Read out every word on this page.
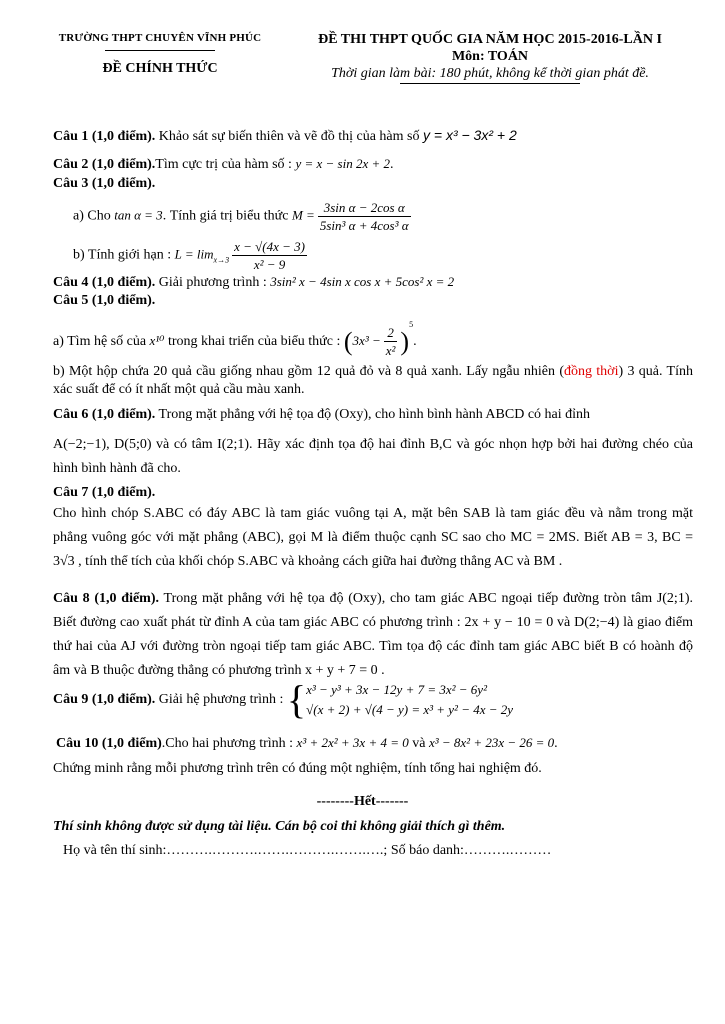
TRƯỜNG THPT CHUYÊN VĨNH PHÚC
ĐỀ CHÍNH THỨC
ĐỀ THI THPT QUỐC GIA NĂM HỌC 2015-2016-LẦN I
Môn: TOÁN
Thời gian làm bài: 180 phút, không kể thời gian phát đề.
Câu 1 (1,0 điểm). Khảo sát sự biến thiên và vẽ đồ thị của hàm số y = x³ − 3x² + 2
Câu 2 (1,0 điểm).Tìm cực trị của hàm số : y = x − sin 2x + 2.
Câu 3 (1,0 điểm).
a) Cho tan α = 3. Tính giá trị biểu thức $M = \frac{\text{3sin α − 2cos α}}{\text{5sin³ α + 4cos³ α}}$
b) Tính giới hạn : $L = \lim_{x\to 3} \frac{x - √(4x - 3)}{\text{x² − 9}}$
Câu 4 (1,0 điểm). Giải phương trình : 3sin² x − 4sin x cos x + 5cos² x = 2
Câu 5 (1,0 điểm).
a) Tìm hệ số của x¹⁰ trong khai triển của biểu thức : $(3x^3 - \frac{2}{\text{x²}} )^5$.
b) Một hộp chứa 20 quả cầu giống nhau gồm 12 quả đỏ và 8 quả xanh. Lấy ngẫu nhiên (đồng thời) 3 quả. Tính xác suất để có ít nhất một quả cầu màu xanh.
Câu 6 (1,0 điểm). Trong mặt phẳng với hệ tọa độ (Oxy), cho hình bình hành ABCD có hai đỉnh
A(−2;−1), D(5;0) và có tâm I(2;1). Hãy xác định tọa độ hai đỉnh B,C và góc nhọn hợp bởi hai đường chéo của hình bình hành đã cho.
Câu 7 (1,0 điểm).
Cho hình chóp S.ABC có đáy ABC là tam giác vuông tại A, mặt bên SAB là tam giác đều và nằm trong mặt phẳng vuông góc với mặt phẳng (ABC), gọi M là điểm thuộc cạnh SC sao cho MC = 2MS. Biết AB = 3, BC = 3√3 , tính thể tích của khối chóp S.ABC và khoảng cách giữa hai đường thẳng AC và BM .
Câu 8 (1,0 điểm). Trong mặt phẳng với hệ tọa độ (Oxy), cho tam giác ABC ngoại tiếp đường tròn tâm J(2;1). Biết đường cao xuất phát từ đỉnh A của tam giác ABC có phương trình : 2x + y − 10 = 0 và D(2;−4) là giao điểm thứ hai của AJ với đường tròn ngoại tiếp tam giác ABC. Tìm tọa độ các đỉnh tam giác ABC biết B có hoành độ âm và B thuộc đường thẳng có phương trình x + y + 7 = 0 .
Câu 9 (1,0 điểm). Giải hệ phương trình : { x³ − y³ + 3x − 12y + 7 = 3x² − 6y²
√(x + 2) + √(4 − y) = x³ + y² − 4x − 2y
Câu 10 (1,0 điểm).Cho hai phương trình : x³ + 2x² + 3x + 4 = 0 và x³ − 8x² + 23x − 26 = 0.
Chứng minh rằng mỗi phương trình trên có đúng một nghiệm, tính tổng hai nghiệm đó.
--------Hết-------
Thí sinh không được sử dụng tài liệu. Cán bộ coi thi không giải thích gì thêm.
Họ và tên thí sinh:……….……….…….……….…….….; Số báo danh:……….………
